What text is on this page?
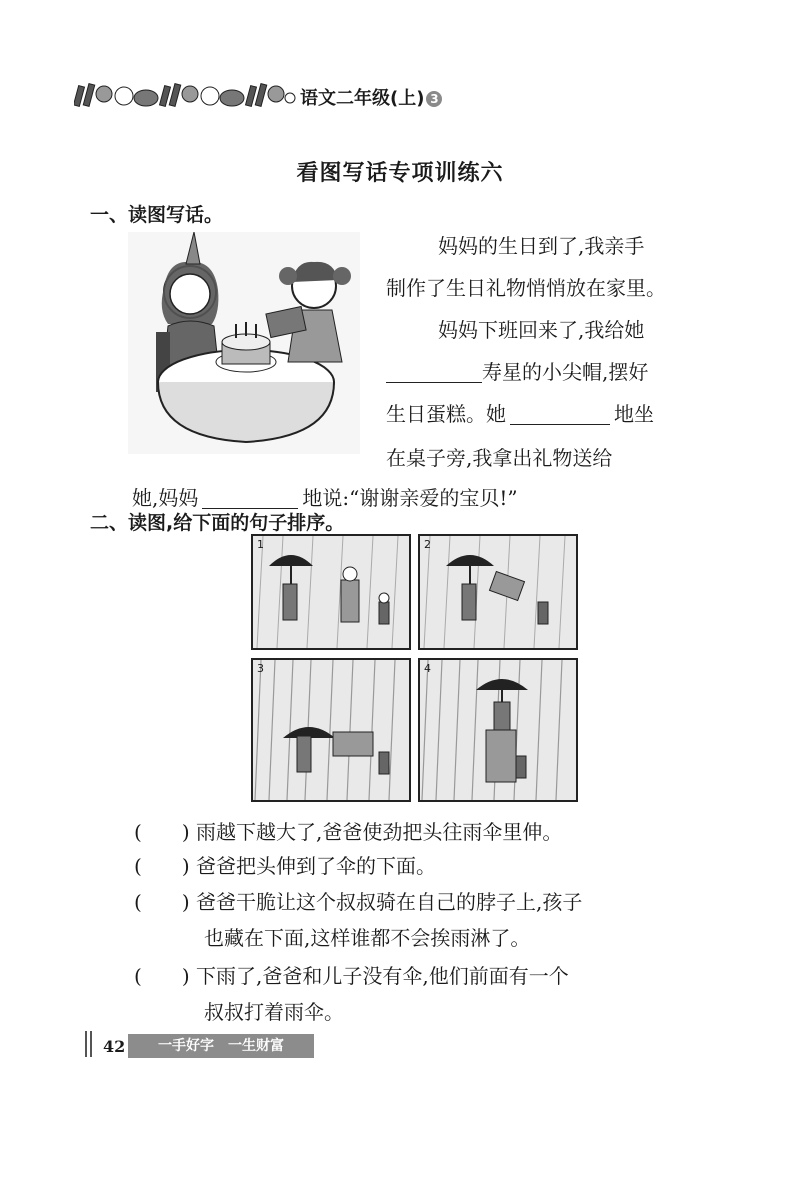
语文二年级(上) 3
看图写话专项训练六
一、读图写话。
妈妈的生日到了,我亲手
制作了生日礼物悄悄放在家里。
妈妈下班回来了,我给她
寿星的小尖帽,摆好
生日蛋糕。她	地坐
在桌子旁,我拿出礼物送给
她,妈妈	地说:“谢谢亲爱的宝贝!”
二、读图,给下面的句子排序。
1	2
3	4
( ) 雨越下越大了,爸爸使劲把头往雨伞里伸。
( ) 爸爸把头伸到了伞的下面。
( ) 爸爸干脆让这个叔叔骑在自己的脖子上,孩子
也藏在下面,这样谁都不会挨雨淋了。
( ) 下雨了,爸爸和儿子没有伞,他们前面有一个
叔叔打着雨伞。
42	一手好字　一生财富
